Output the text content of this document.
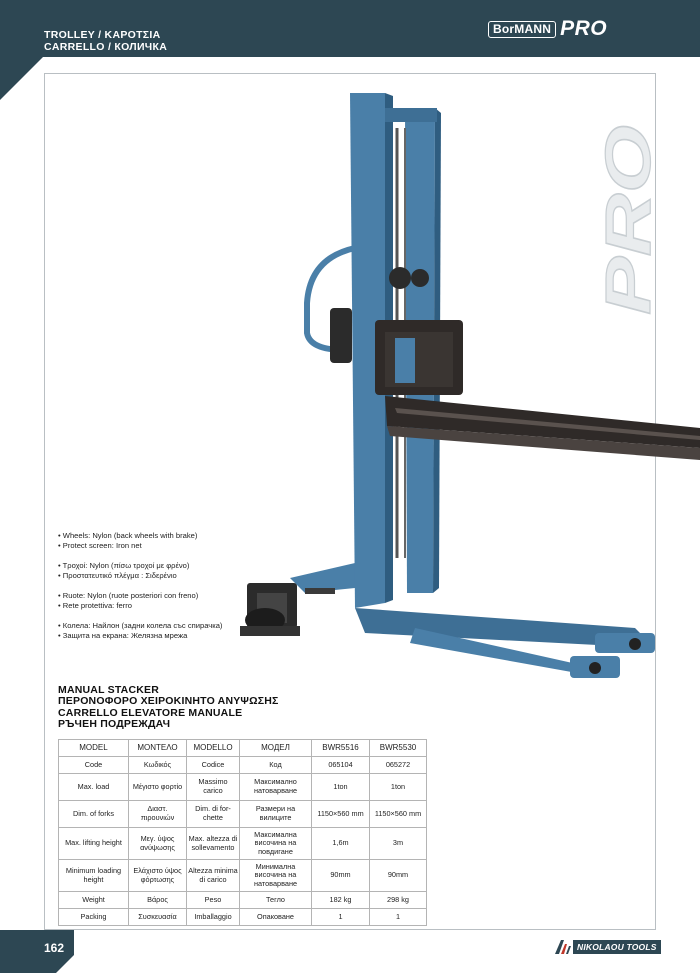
TROLLEY / ΚΑΡΟΤΣΙΑ
CARRELLO / КОЛИЧКА
BorMANN PRO
PRO
• Wheels: Nylon (back wheels with brake)
• Protect screen: Iron net
• Τροχοί: Nylon (πίσω τροχοί με φρένο)
• Προστατευτικό πλέγμα : Σιδερένιο
• Ruote: Nylon (ruote posteriori con freno)
• Rete protettiva: ferro
• Колела: Найлон (задни колела със спирачка)
• Защита на екрана: Желязна мрежа
MANUAL STACKER
ΠΕΡΟΝΟΦΟΡΟ ΧΕΙΡΟΚΙΝΗΤΟ ΑΝΥΨΩΣΗΣ
CARRELLO ELEVATORE MANUALE
РЪЧЕН ПОДРЕЖДАЧ
MODEL	ΜΟΝΤΕΛΟ	MODELLO	МОДЕЛ	BWR5516	BWR5530
Code	Κωδικός	Codice	Код	065104	065272
Max. load	Μέγιστο φορτίο	Massimo carico	Максимално натоварване	1ton	1ton
Dim. of forks	Διαστ. πιρουνιών	Dim. di for-chette	Размери на вилиците	1150×560 mm	1150×560 mm
Max. lifting height	Μεγ. ύψος ανύψωσης	Max. altezza di sollevamento	Максимална височина на повдигане	1,6m	3m
Minimum loading height	Ελάχιστο ύψος φόρτωσης	Altezza minima di carico	Минимална височина на натоварване	90mm	90mm
Weight	Βάρος	Peso	Тегло	182 kg	298 kg
Packing	Συσκευασία	Imballaggio	Опаковане	1	1
162	NIKOLAOU TOOLS
